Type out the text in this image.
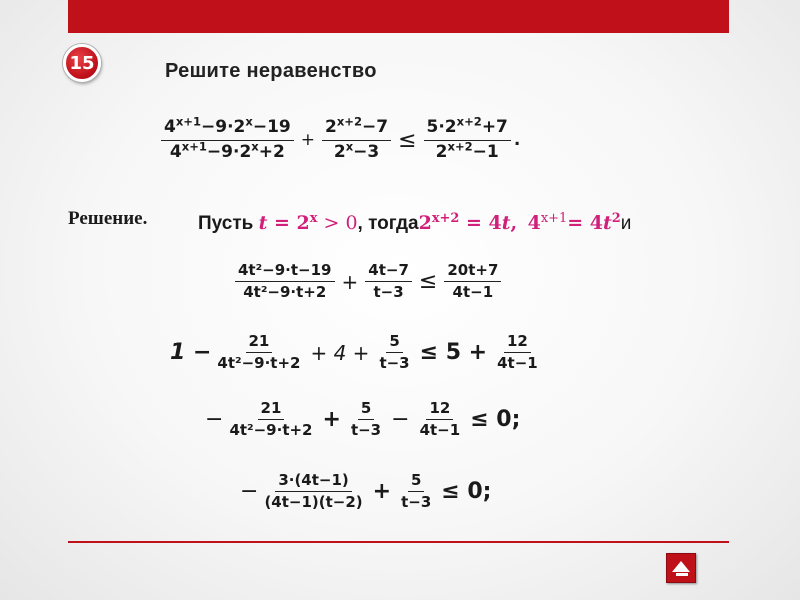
15	Решите неравенство
$\frac{4^{x+1}-9\cdot 2^x-19}{4^{x+1}-9\cdot 2^x+2} + \frac{2^{x+2}-7}{2^x-3} \le \frac{5\cdot 2^{x+2}+7}{2^{x+2}-1}$ .
Решение.	Пусть
$t = 2^x > 0$ , тогда $2^{x+2} = 4t$,
$4^{x+1}= 4t^2$ и
$\frac{\text{4t²−9·t−19}}{\text{4t²−9·t+2}} + \frac{4t-7}{t-3} \le \frac{20t+7}{4t-1}$
$1 - \frac{21}{\text{4t²−9·t+2}} + 4 + \frac{5}{t-3} \le 5 + \frac{12}{4t-1}$
− $\frac{21}{\text{4t²−9·t+2}} + \frac{5}{t-3} - \frac{12}{4t-1} \le 0$;
− $\frac{3\cdot(4t-1)}{(4t-1)(t-2)} + \frac{5}{t-3} \le 0$;
